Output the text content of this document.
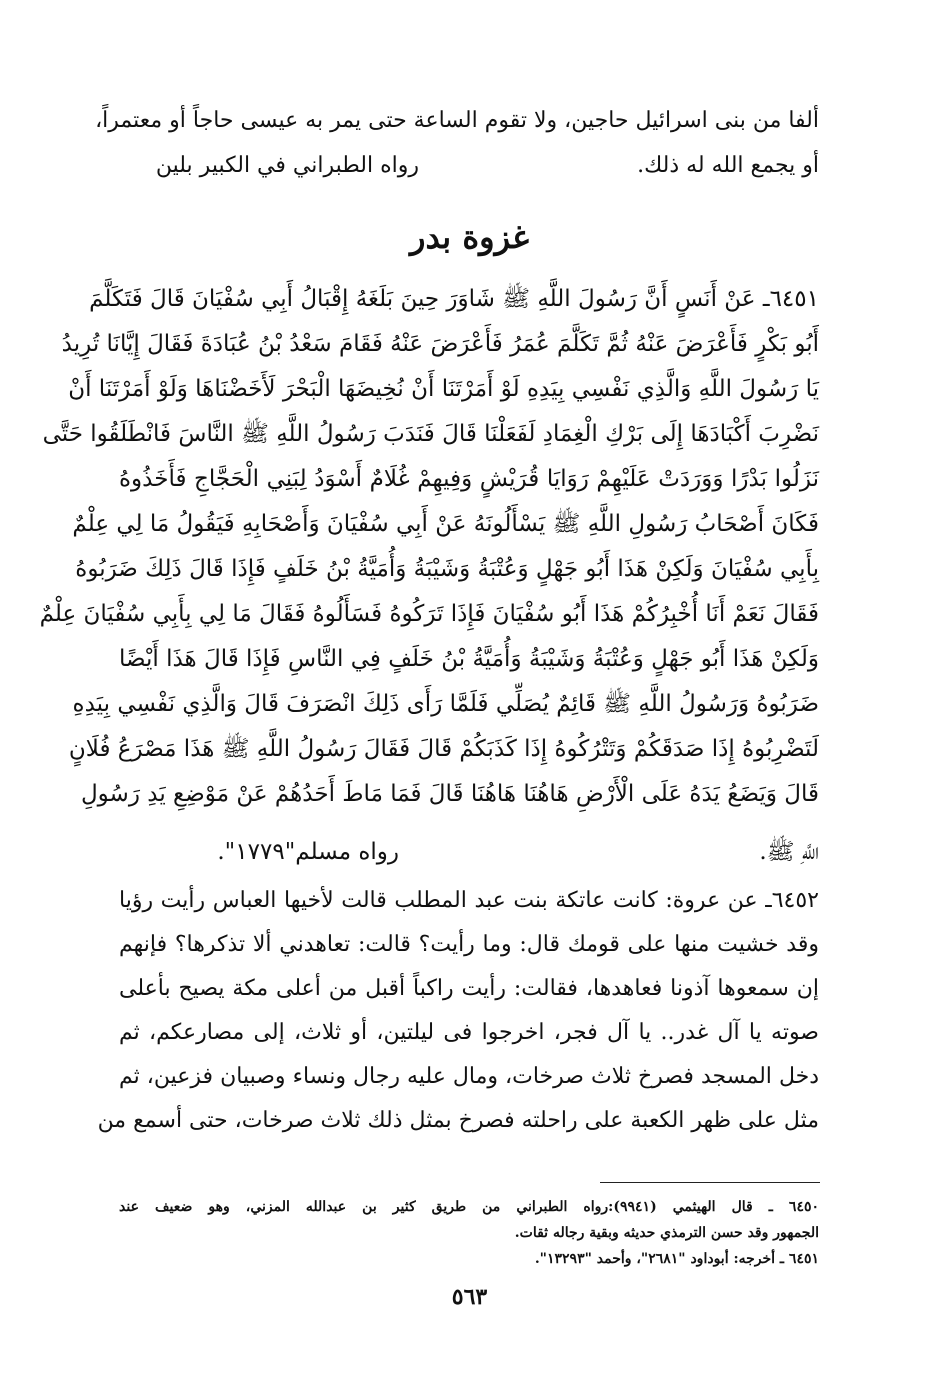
ألفا من بنى اسرائيل حاجين، ولا تقوم الساعة حتى يمر به عيسى حاجاً أو معتمراً،
أو يجمع الله له ذلك.
رواه الطبراني في الكبير بلين
غزوة بدر
٦٤٥١ـ عَنْ أَنَسٍ أَنَّ رَسُولَ اللَّهِ ﷺ شَاوَرَ حِينَ بَلَغَهُ إِقْبَالُ أَبِي سُفْيَانَ قَالَ فَتَكَلَّمَ
أَبُو بَكْرٍ فَأَعْرَضَ عَنْهُ ثُمَّ تَكَلَّمَ عُمَرُ فَأَعْرَضَ عَنْهُ فَقَامَ سَعْدُ بْنُ عُبَادَةَ فَقَالَ إِيَّانَا تُرِيدُ
يَا رَسُولَ اللَّهِ وَالَّذِي نَفْسِي بِيَدِهِ لَوْ أَمَرْتَنَا أَنْ نُخِيضَهَا الْبَحْرَ لَأَخَضْنَاهَا وَلَوْ أَمَرْتَنَا أَنْ
نَضْرِبَ أَكْبَادَهَا إِلَى بَرْكِ الْغِمَادِ لَفَعَلْنَا قَالَ فَنَدَبَ رَسُولُ اللَّهِ ﷺ النَّاسَ فَانْطَلَقُوا حَتَّى
نَزَلُوا بَدْرًا وَوَرَدَتْ عَلَيْهِمْ رَوَايَا قُرَيْشٍ وَفِيهِمْ غُلَامٌ أَسْوَدُ لِبَنِي الْحَجَّاجِ فَأَخَذُوهُ
فَكَانَ أَصْحَابُ رَسُولِ اللَّهِ ﷺ يَسْأَلُونَهُ عَنْ أَبِي سُفْيَانَ وَأَصْحَابِهِ فَيَقُولُ مَا لِي عِلْمٌ
بِأَبِي سُفْيَانَ وَلَكِنْ هَذَا أَبُو جَهْلٍ وَعُتْبَةُ وَشَيْبَةُ وَأُمَيَّةُ بْنُ خَلَفٍ فَإِذَا قَالَ ذَلِكَ ضَرَبُوهُ
فَقَالَ نَعَمْ أَنَا أُخْبِرُكُمْ هَذَا أَبُو سُفْيَانَ فَإِذَا تَرَكُوهُ فَسَأَلُوهُ فَقَالَ مَا لِي بِأَبِي سُفْيَانَ عِلْمٌ
وَلَكِنْ هَذَا أَبُو جَهْلٍ وَعُتْبَةُ وَشَيْبَةُ وَأُمَيَّةُ بْنُ خَلَفٍ فِي النَّاسِ فَإِذَا قَالَ هَذَا أَيْضًا
ضَرَبُوهُ وَرَسُولُ اللَّهِ ﷺ قَائِمٌ يُصَلِّي فَلَمَّا رَأَى ذَلِكَ انْصَرَفَ قَالَ وَالَّذِي نَفْسِي بِيَدِهِ
لَتَضْرِبُوهُ إِذَا صَدَقَكُمْ وَتَتْرُكُوهُ إِذَا كَذَبَكُمْ قَالَ فَقَالَ رَسُولُ اللَّهِ ﷺ هَذَا مَصْرَعُ فُلَانٍ
قَالَ وَيَضَعُ يَدَهُ عَلَى الْأَرْضِ هَاهُنَا هَاهُنَا قَالَ فَمَا مَاطَ أَحَدُهُمْ عَنْ مَوْضِعِ يَدِ رَسُولِ
اللَّهِ ﷺ.
رواه مسلم"١٧٧٩".
٦٤٥٢ـ عن عروة: كانت عاتكة بنت عبد المطلب قالت لأخيها العباس رأيت رؤيا
وقد خشيت منها على قومك قال: وما رأيت؟ قالت: تعاهدني ألا تذكرها؟ فإنهم
إن سمعوها آذونا فعاهدها، فقالت: رأيت راكباً أقبل من أعلى مكة يصيح بأعلى
صوته يا آل غدر.. يا آل فجر، اخرجوا فى ليلتين، أو ثلاث، إلى مصارعكم، ثم
دخل المسجد فصرخ ثلاث صرخات، ومال عليه رجال ونساء وصبيان فزعين، ثم
مثل على ظهر الكعبة على راحلته فصرخ بمثل ذلك ثلاث صرخات، حتى أسمع من
٦٤٥٠ ـ قال الهيثمي (٩٩٤١):رواه الطبراني من طريق كثير بن عبدالله المزني، وهو ضعيف عند
الجمهور وقد حسن الترمذي حديثه وبقية رجاله ثقات.
٦٤٥١ ـ أخرجه: أبوداود "٢٦٨١"، وأحمد "١٣٢٩٣".
٥٦٣
